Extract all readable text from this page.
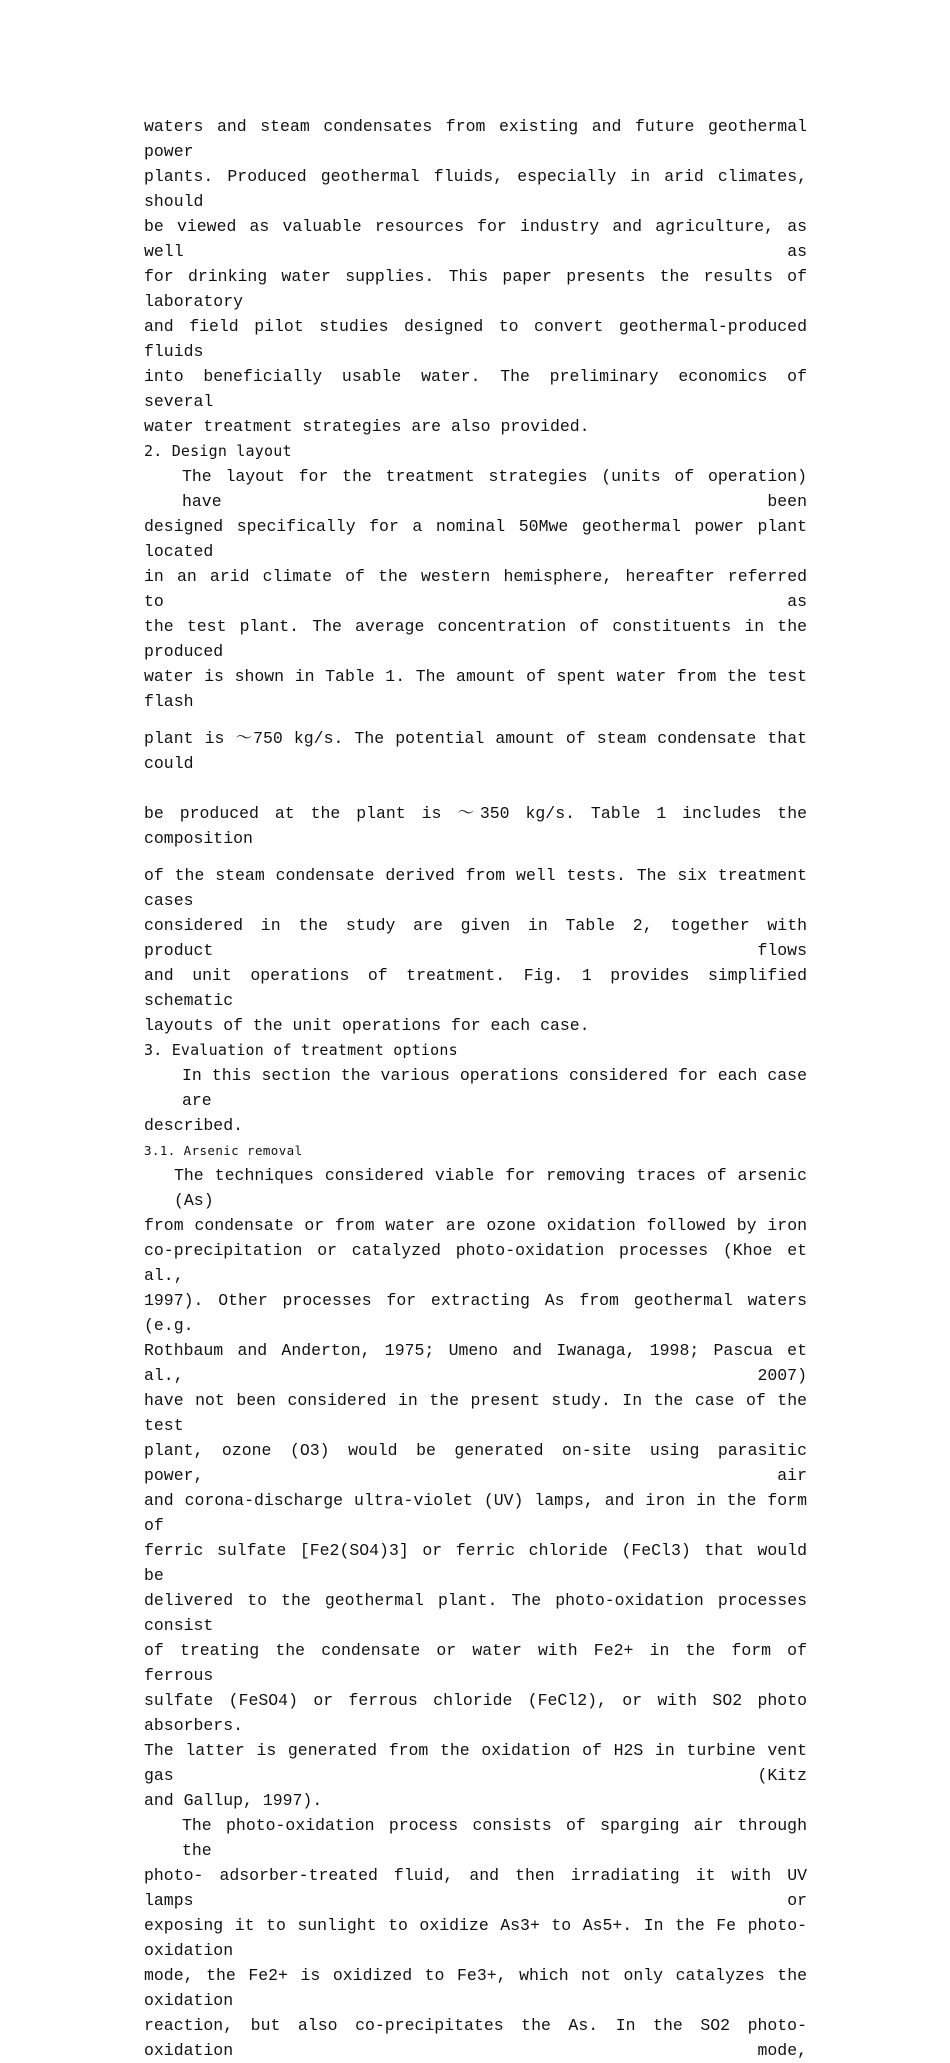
waters and steam condensates from existing and future geothermal power
plants. Produced geothermal fluids, especially in arid climates, should
be viewed as valuable resources for industry and agriculture, as well as
for drinking water supplies. This paper presents the results of laboratory
and field pilot studies designed to convert geothermal-produced fluids
into beneficially usable water. The preliminary economics of several
water treatment strategies are also provided.
2. Design layout
The layout for the treatment strategies (units of operation) have been
designed specifically for a nominal 50Mwe geothermal power plant located
in an arid climate of the western hemisphere, hereafter referred to as
the test plant. The average concentration of constituents in the produced
water is shown in Table 1. The amount of spent water from the test flash
plant is ～750 kg/s. The potential amount of steam condensate that could
be produced at the plant is ～350 kg/s. Table 1 includes the composition
of the steam condensate derived from well tests. The six treatment cases
considered in the study are given in Table 2, together with product flows
and unit operations of treatment. Fig. 1 provides simplified schematic
layouts of the unit operations for each case.
3. Evaluation of treatment options
In this section the various operations considered for each case are
described.
3.1. Arsenic removal
The techniques considered viable for removing traces of arsenic (As)
from condensate or from water are ozone oxidation followed by iron
co-precipitation or catalyzed photo-oxidation processes (Khoe et al.,
1997). Other processes for extracting As from geothermal waters (e.g.
Rothbaum and Anderton, 1975; Umeno and Iwanaga, 1998; Pascua et al., 2007)
have not been considered in the present study. In the case of the test
plant, ozone (O3) would be generated on-site using parasitic power, air
and corona-discharge ultra-violet (UV) lamps, and iron in the form of
ferric sulfate [Fe2(SO4)3] or ferric chloride (FeCl3) that would be
delivered to the geothermal plant. The photo-oxidation processes consist
of treating the condensate or water with Fe2+ in the form of ferrous
sulfate (FeSO4) or ferrous chloride (FeCl2), or with SO2 photo absorbers.
The latter is generated from the oxidation of H2S in turbine vent gas (Kitz
and Gallup, 1997).
The photo-oxidation process consists of sparging air through the
photo- adsorber-treated fluid, and then irradiating it with UV lamps or
exposing it to sunlight to oxidize As3+ to As5+. In the Fe photo-oxidation
mode, the Fe2+ is oxidized to Fe3+, which not only catalyzes the oxidation
reaction, but also co-precipitates the As. In the SO2 photo-oxidation mode,
